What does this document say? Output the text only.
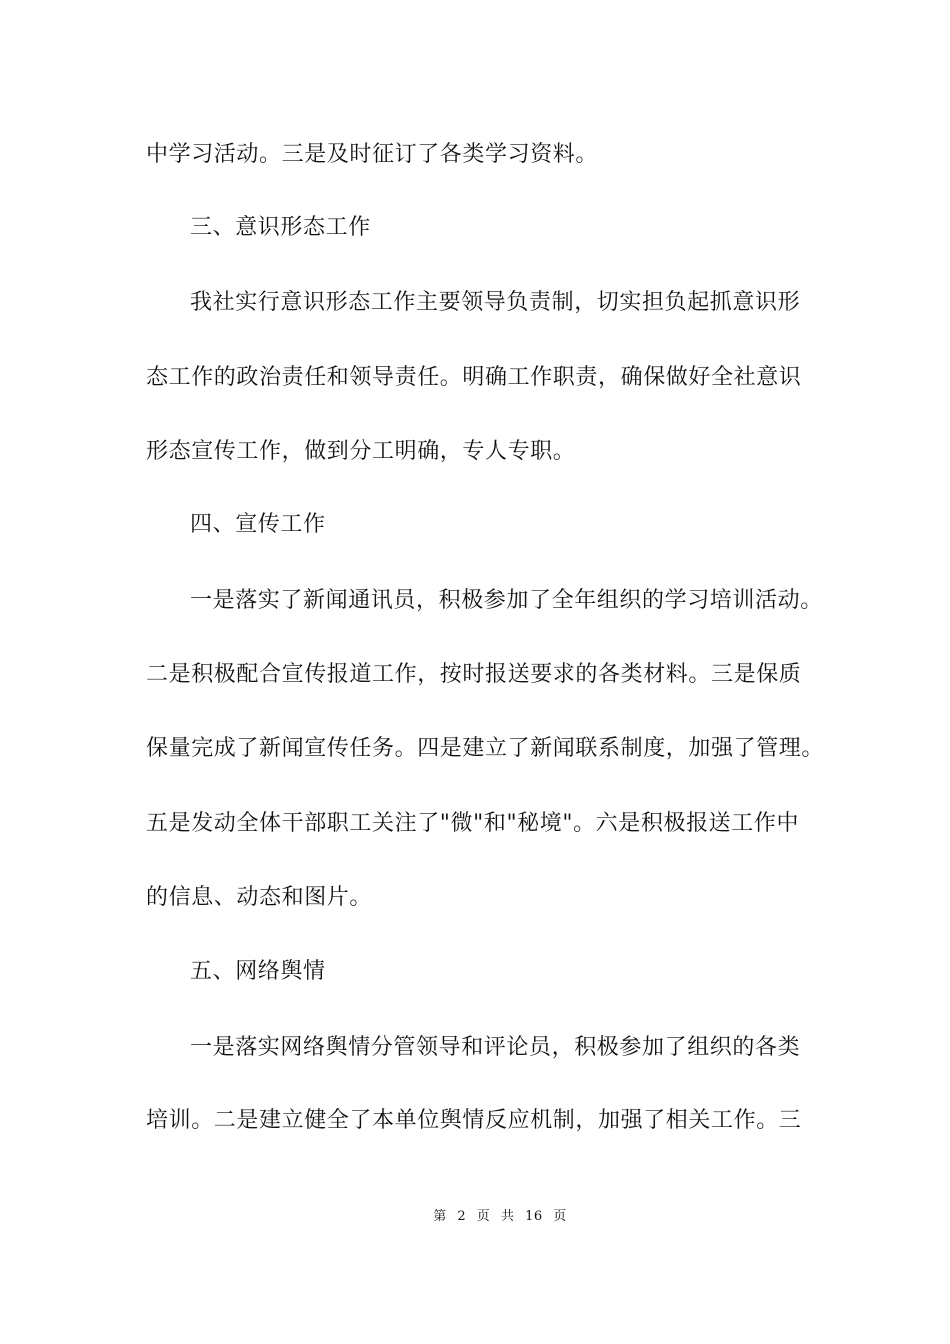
中学习活动。三是及时征订了各类学习资料。
三、意识形态工作
我社实行意识形态工作主要领导负责制，切实担负起抓意识形
态工作的政治责任和领导责任。明确工作职责，确保做好全社意识
形态宣传工作，做到分工明确，专人专职。
四、宣传工作
一是落实了新闻通讯员，积极参加了全年组织的学习培训活动。
二是积极配合宣传报道工作，按时报送要求的各类材料。三是保质
保量完成了新闻宣传任务。四是建立了新闻联系制度，加强了管理。
五是发动全体干部职工关注了"微"和"秘境"。六是积极报送工作中
的信息、动态和图片。
五、网络舆情
一是落实网络舆情分管领导和评论员，积极参加了组织的各类
培训。二是建立健全了本单位舆情反应机制，加强了相关工作。三
第 2 页 共 16 页
